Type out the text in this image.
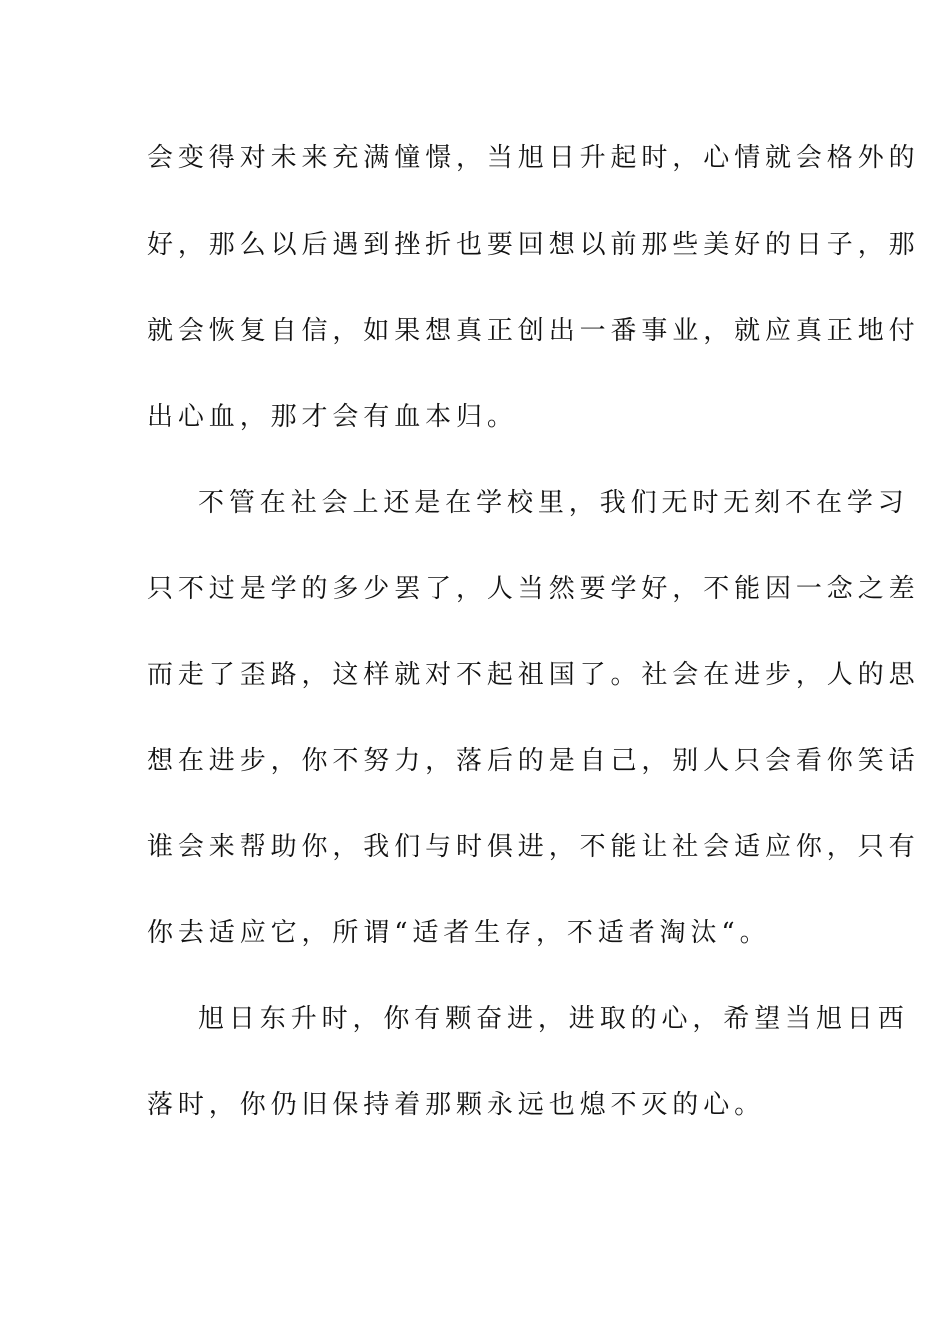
会变得对未来充满憧憬，当旭日升起时，心情就会格外的
好，那么以后遇到挫折也要回想以前那些美好的日子，那
就会恢复自信，如果想真正创出一番事业，就应真正地付
出心血，那才会有血本归。
不管在社会上还是在学校里，我们无时无刻不在学习
只不过是学的多少罢了，人当然要学好，不能因一念之差
而走了歪路，这样就对不起祖国了。社会在进步，人的思
想在进步，你不努力，落后的是自己，别人只会看你笑话
谁会来帮助你，我们与时俱进，不能让社会适应你，只有
你去适应它，所谓“适者生存，不适者淘汰“。
旭日东升时，你有颗奋进，进取的心，希望当旭日西
落时，你仍旧保持着那颗永远也熄不灭的心。
